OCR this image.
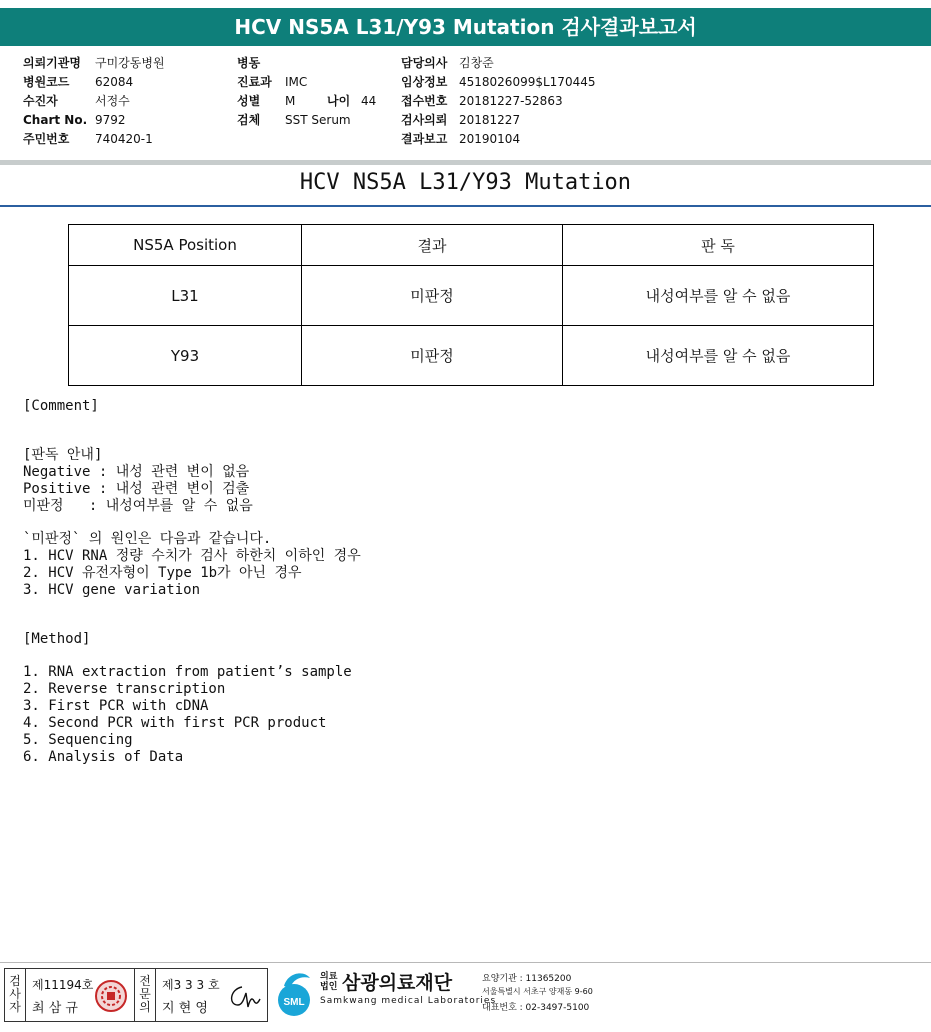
HCV NS5A L31/Y93 Mutation 검사결과보고서
의뢰기관명 구미강동병원
병원코드 62084
수진자	서정수
Chart No. 9792
주민번호 740420-1
병동
진료과 IMC
성별 M	나이 44
검체 SST Serum
담당의사 김창준
임상정보 4518026099$L170445
접수번호 20181227-52863
검사의뢰 20181227
결과보고 20190104
HCV NS5A L31/Y93 Mutation
NS5A Position	결과	판 독
L31	미판정	내성여부를 알 수 없음
Y93	미판정	내성여부를 알 수 없음
[Comment]

[판독 안내]
Negative : 내성 관련 변이 없음
Positive : 내성 관련 변이 검출
미판정   : 내성여부를 알 수 없음
`미판정` 의 원인은 다음과 같습니다.
1. HCV RNA 정량 수치가 검사 하한치 이하인 경우
2. HCV 유전자형이 Type 1b가 아닌 경우
3. HCV gene variation
[Method]
1. RNA extraction from patient’s sample
2. Reverse transcription
3. First PCR with cDNA
4. Second PCR with first PCR product
5. Sequencing
6. Analysis of Data
검사자
제11194호
최 삼 규
전문의
제3 3 3 호
지 현 영	SML
의료
법인 삼광의료재단
Samkwang medical Laboratories
요양기관 : 11365200
서울특별시 서초구 양재동 9-60
대표번호 : 02-3497-5100
